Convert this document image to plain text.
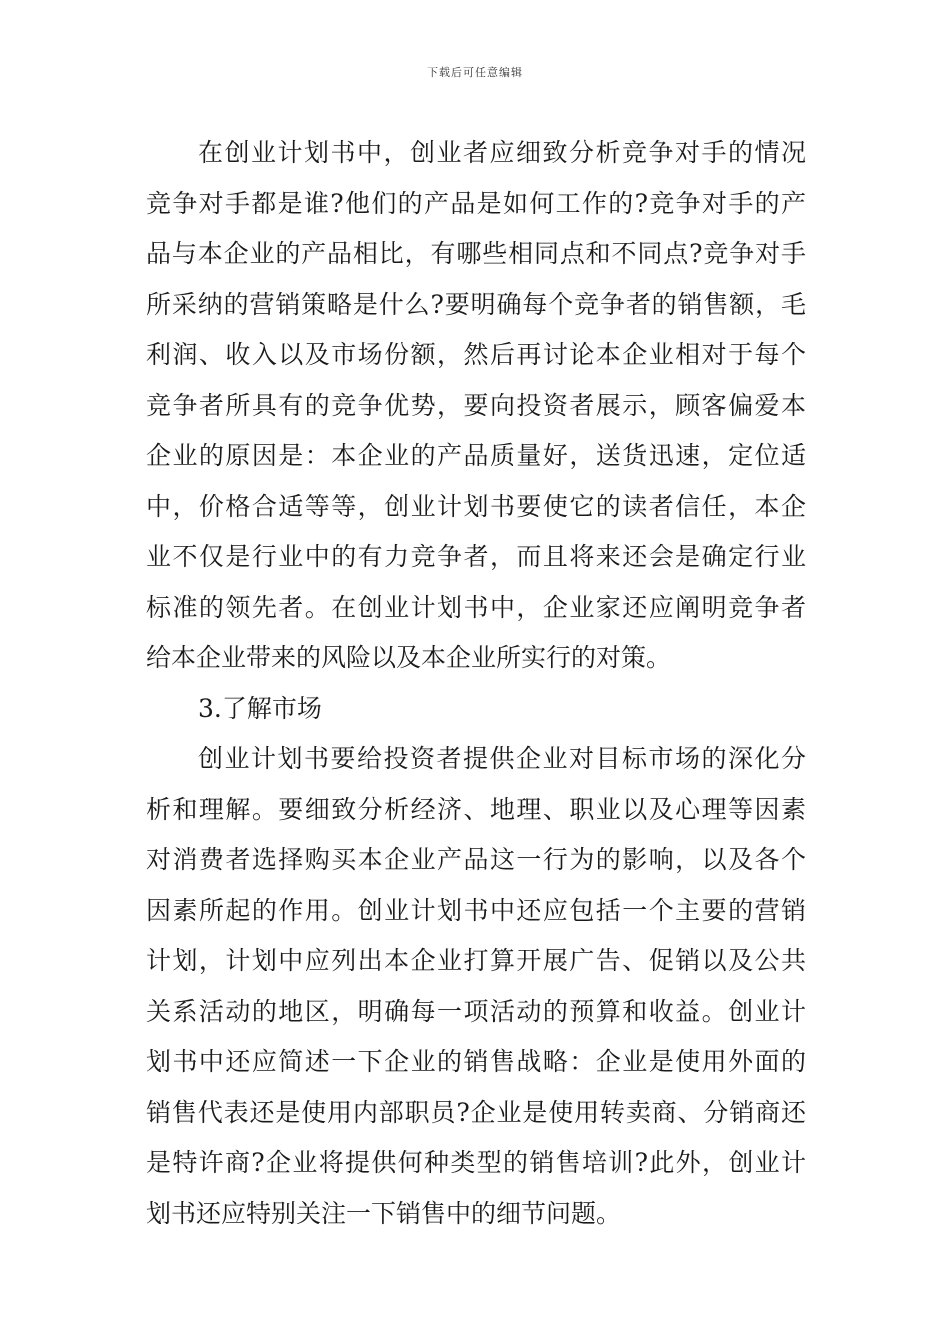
下载后可任意编辑
在创业计划书中，创业者应细致分析竞争对手的情况
竞争对手都是谁?他们的产品是如何工作的?竞争对手的产
品与本企业的产品相比，有哪些相同点和不同点?竞争对手
所采纳的营销策略是什么?要明确每个竞争者的销售额，毛
利润、收入以及市场份额，然后再讨论本企业相对于每个
竞争者所具有的竞争优势，要向投资者展示，顾客偏爱本
企业的原因是：本企业的产品质量好，送货迅速，定位适
中，价格合适等等，创业计划书要使它的读者信任，本企
业不仅是行业中的有力竞争者，而且将来还会是确定行业
标准的领先者。在创业计划书中，企业家还应阐明竞争者
给本企业带来的风险以及本企业所实行的对策。
3.了解市场
创业计划书要给投资者提供企业对目标市场的深化分
析和理解。要细致分析经济、地理、职业以及心理等因素
对消费者选择购买本企业产品这一行为的影响，以及各个
因素所起的作用。创业计划书中还应包括一个主要的营销
计划，计划中应列出本企业打算开展广告、促销以及公共
关系活动的地区，明确每一项活动的预算和收益。创业计
划书中还应简述一下企业的销售战略：企业是使用外面的
销售代表还是使用内部职员?企业是使用转卖商、分销商还
是特许商?企业将提供何种类型的销售培训?此外，创业计
划书还应特别关注一下销售中的细节问题。
